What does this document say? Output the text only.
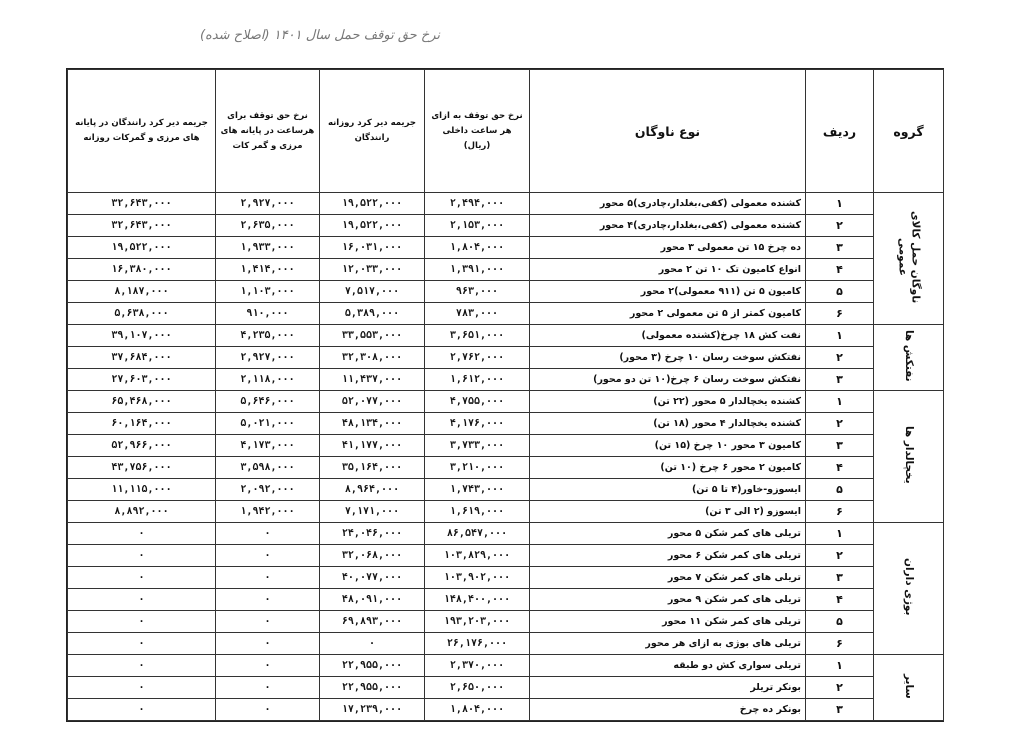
نرخ حق توقف حمل سال ۱۴۰۱ (اصلاح شده)
گروه	ردیف	نوع ناوگان	نرخ حق توقف به ازای هر ساعت داخلی (ریال)	جریمه دیر کرد روزانه رانندگان	نرخ حق توقف برای هرساعت در پایانه های مرزی و گمر کات	جریمه دیر کرد رانندگان در پایانه های مرزی و گمرکات روزانه
ناوگان حمل کالای عمومی	۱	کشنده معمولی (کفی،بغلدار،چادری)۵ محور	۲,۴۹۴,۰۰۰	۱۹,۵۲۲,۰۰۰	۲,۹۲۷,۰۰۰	۳۲,۶۴۳,۰۰۰
	۲	کشنده معمولی (کفی،بغلدار،چادری)۴ محور	۲,۱۵۳,۰۰۰	۱۹,۵۲۲,۰۰۰	۲,۶۳۵,۰۰۰	۳۲,۶۴۳,۰۰۰
	۳	ده چرخ ۱۵ تن معمولی ۳ محور	۱,۸۰۴,۰۰۰	۱۶,۰۳۱,۰۰۰	۱,۹۳۳,۰۰۰	۱۹,۵۲۲,۰۰۰
	۴	انواع کامیون تک ۱۰ تن ۲ محور	۱,۳۹۱,۰۰۰	۱۲,۰۳۳,۰۰۰	۱,۴۱۴,۰۰۰	۱۶,۳۸۰,۰۰۰
	۵	کامیون ۵ تن (۹۱۱ معمولی)۲ محور	۹۶۳,۰۰۰	۷,۵۱۷,۰۰۰	۱,۱۰۳,۰۰۰	۸,۱۸۷,۰۰۰
	۶	کامیون کمتر از ۵ تن معمولی ۲ محور	۷۸۳,۰۰۰	۵,۳۸۹,۰۰۰	۹۱۰,۰۰۰	۵,۶۳۸,۰۰۰
نفتکش ها	۱	نفت کش ۱۸ چرخ(کشنده معمولی)	۳,۶۵۱,۰۰۰	۳۳,۵۵۳,۰۰۰	۴,۲۳۵,۰۰۰	۳۹,۱۰۷,۰۰۰
	۲	نفتکش سوخت رسان ۱۰ چرخ (۳ محور)	۲,۷۶۲,۰۰۰	۳۲,۳۰۸,۰۰۰	۲,۹۲۷,۰۰۰	۳۷,۶۸۴,۰۰۰
	۳	نفتکش سوخت رسان ۶ چرخ(۱۰ تن دو محور)	۱,۶۱۲,۰۰۰	۱۱,۴۳۷,۰۰۰	۲,۱۱۸,۰۰۰	۲۷,۶۰۳,۰۰۰
یخچالدار ها	۱	کشنده یخچالدار ۵ محور (۲۲ تن)	۴,۷۵۵,۰۰۰	۵۲,۰۷۷,۰۰۰	۵,۶۴۶,۰۰۰	۶۵,۴۶۸,۰۰۰
	۲	کشنده یخچالدار ۴ محور (۱۸ تن)	۴,۱۷۶,۰۰۰	۴۸,۱۳۴,۰۰۰	۵,۰۲۱,۰۰۰	۶۰,۱۶۴,۰۰۰
	۳	کامیون ۳ محور ۱۰ چرخ (۱۵ تن)	۳,۷۳۳,۰۰۰	۴۱,۱۷۷,۰۰۰	۴,۱۷۳,۰۰۰	۵۲,۹۶۶,۰۰۰
	۴	کامیون ۲ محور ۶ چرخ (۱۰ تن)	۳,۲۱۰,۰۰۰	۳۵,۱۶۴,۰۰۰	۳,۵۹۸,۰۰۰	۴۳,۷۵۶,۰۰۰
	۵	ایسوزو-خاور(۴ تا ۵ تن)	۱,۷۴۳,۰۰۰	۸,۹۶۴,۰۰۰	۲,۰۹۲,۰۰۰	۱۱,۱۱۵,۰۰۰
	۶	ایسوزو (۲ الی ۳ تن)	۱,۶۱۹,۰۰۰	۷,۱۷۱,۰۰۰	۱,۹۴۲,۰۰۰	۸,۸۹۲,۰۰۰
بوژی داران	۱	تریلی های کمر شکن ۵ محور	۸۶,۵۴۷,۰۰۰	۲۴,۰۴۶,۰۰۰	۰	۰
	۲	تریلی های کمر شکن ۶ محور	۱۰۳,۸۲۹,۰۰۰	۳۲,۰۶۸,۰۰۰	۰	۰
	۳	تریلی های کمر شکن ۷ محور	۱۰۳,۹۰۲,۰۰۰	۴۰,۰۷۷,۰۰۰	۰	۰
	۴	تریلی های کمر شکن ۹ محور	۱۴۸,۴۰۰,۰۰۰	۴۸,۰۹۱,۰۰۰	۰	۰
	۵	تریلی های کمر شکن ۱۱ محور	۱۹۳,۲۰۳,۰۰۰	۶۹,۸۹۳,۰۰۰	۰	۰
	۶	تریلی های بوژی به ازای هر محور	۲۶,۱۷۶,۰۰۰	۰	۰	۰
سایر	۱	تریلی سواری کش دو طبقه	۲,۳۷۰,۰۰۰	۲۲,۹۵۵,۰۰۰	۰	۰
	۲	بونکر تریلر	۲,۶۵۰,۰۰۰	۲۲,۹۵۵,۰۰۰	۰	۰
	۳	بونکر ده چرخ	۱,۸۰۴,۰۰۰	۱۷,۲۳۹,۰۰۰	۰	۰
